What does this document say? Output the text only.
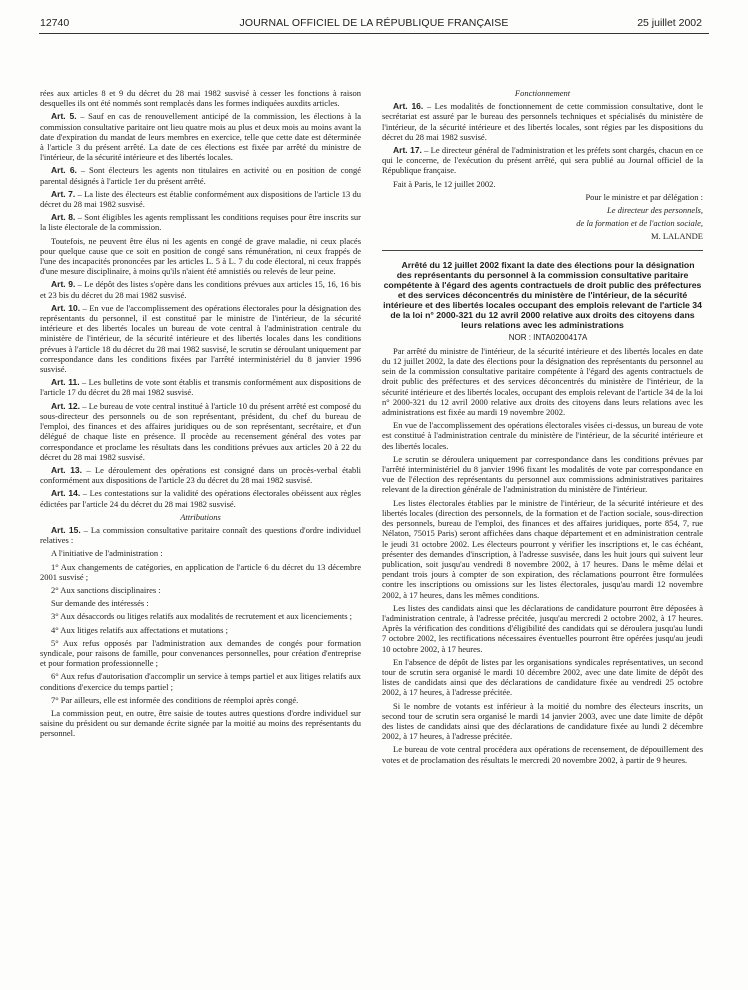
12740	JOURNAL OFFICIEL DE LA RÉPUBLIQUE FRANÇAISE	25 juillet 2002

rées aux articles 8 et 9 du décret du 28 mai 1982 susvisé à cesser les fonctions à raison desquelles ils ont été nommés sont remplacés dans les formes indiquées auxdits articles.

Art. 5. – Sauf en cas de renouvellement anticipé de la commission, les élections à la commission consultative paritaire ont lieu quatre mois au plus et deux mois au moins avant la date d'expiration du mandat de leurs membres en exercice, telle que cette date est déterminée à l'article 3 du présent arrêté. La date de ces élections est fixée par arrêté du ministre de l'intérieur, de la sécurité intérieure et des libertés locales.

Art. 6. – Sont électeurs les agents non titulaires en activité ou en position de congé parental désignés à l'article 1er du présent arrêté.

Art. 7. – La liste des électeurs est établie conformément aux dispositions de l'article 13 du décret du 28 mai 1982 susvisé.

Art. 8. – Sont éligibles les agents remplissant les conditions requises pour être inscrits sur la liste électorale de la commission.

Toutefois, ne peuvent être élus ni les agents en congé de grave maladie, ni ceux placés pour quelque cause que ce soit en position de congé sans rémunération, ni ceux frappés de l'une des incapacités prononcées par les articles L. 5 à L. 7 du code électoral, ni ceux frappés d'une mesure disciplinaire, à moins qu'ils n'aient été amnistiés ou relevés de leur peine.

Art. 9. – Le dépôt des listes s'opère dans les conditions prévues aux articles 15, 16, 16 bis et 23 bis du décret du 28 mai 1982 susvisé.

Art. 10. – En vue de l'accomplissement des opérations électorales pour la désignation des représentants du personnel, il est constitué par le ministre de l'intérieur, de la sécurité intérieure et des libertés locales un bureau de vote central à l'administration centrale du ministère de l'intérieur, de la sécurité intérieure et des libertés locales dans les conditions prévues à l'article 18 du décret du 28 mai 1982 susvisé, le scrutin se déroulant uniquement par correspondance dans les conditions fixées par l'arrêté interministériel du 8 janvier 1996 susvisé.

Art. 11. – Les bulletins de vote sont établis et transmis conformément aux dispositions de l'article 17 du décret du 28 mai 1982 susvisé.

Art. 12. – Le bureau de vote central institué à l'article 10 du présent arrêté est composé du sous-directeur des personnels ou de son représentant, président, du chef du bureau de l'emploi, des finances et des affaires juridiques ou de son représentant, secrétaire, et d'un délégué de chaque liste en présence. Il procède au recensement général des votes par correspondance et proclame les résultats dans les conditions prévues aux articles 20 à 22 du décret du 28 mai 1982 susvisé.

Art. 13. – Le déroulement des opérations est consigné dans un procès-verbal établi conformément aux dispositions de l'article 23 du décret du 28 mai 1982 susvisé.

Art. 14. – Les contestations sur la validité des opérations électorales obéissent aux règles édictées par l'article 24 du décret du 28 mai 1982 susvisé.

Attributions

Art. 15. – La commission consultative paritaire connaît des questions d'ordre individuel relatives :

A l'initiative de l'administration :

1° Aux changements de catégories, en application de l'article 6 du décret du 13 décembre 2001 susvisé ;

2° Aux sanctions disciplinaires :

Sur demande des intéressés :

3° Aux désaccords ou litiges relatifs aux modalités de recrutement et aux licenciements ;

4° Aux litiges relatifs aux affectations et mutations ;

5° Aux refus opposés par l'administration aux demandes de congés pour formation syndicale, pour raisons de famille, pour convenances personnelles, pour création d'entreprise et pour formation professionnelle ;

6° Aux refus d'autorisation d'accomplir un service à temps partiel et aux litiges relatifs aux conditions d'exercice du temps partiel ;

7° Par ailleurs, elle est informée des conditions de réemploi après congé.

La commission peut, en outre, être saisie de toutes autres questions d'ordre individuel sur saisine du président ou sur demande écrite signée par la moitié au moins des représentants du personnel.

Fonctionnement

Art. 16. – Les modalités de fonctionnement de cette commission consultative, dont le secrétariat est assuré par le bureau des personnels techniques et spécialisés du ministère de l'intérieur, de la sécurité intérieure et des libertés locales, sont régies par les dispositions du décret du 28 mai 1982 susvisé.

Art. 17. – Le directeur général de l'administration et les préfets sont chargés, chacun en ce qui le concerne, de l'exécution du présent arrêté, qui sera publié au Journal officiel de la République française.

Fait à Paris, le 12 juillet 2002.

Pour le ministre et par délégation :

Le directeur des personnels,

de la formation et de l'action sociale,

M. LALANDE

Arrêté du 12 juillet 2002 fixant la date des élections pour la désignation des représentants du personnel à la commission consultative paritaire compétente à l'égard des agents contractuels de droit public des préfectures et des services déconcentrés du ministère de l'intérieur, de la sécurité intérieure et des libertés locales occupant des emplois relevant de l'article 34 de la loi n° 2000-321 du 12 avril 2000 relative aux droits des citoyens dans leurs relations avec les administrations

NOR : INTA0200417A

Par arrêté du ministre de l'intérieur, de la sécurité intérieure et des libertés locales en date du 12 juillet 2002, la date des élections pour la désignation des représentants du personnel au sein de la commission consultative paritaire compétente à l'égard des agents contractuels de droit public des préfectures et des services déconcentrés du ministère de l'intérieur, de la sécurité intérieure et des libertés locales, occupant des emplois relevant de l'article 34 de la loi n° 2000-321 du 12 avril 2000 relative aux droits des citoyens dans leurs relations avec les administrations est fixée au mardi 19 novembre 2002.

En vue de l'accomplissement des opérations électorales visées ci-dessus, un bureau de vote est constitué à l'administration centrale du ministère de l'intérieur, de la sécurité intérieure et des libertés locales.

Le scrutin se déroulera uniquement par correspondance dans les conditions prévues par l'arrêté interministériel du 8 janvier 1996 fixant les modalités de vote par correspondance en vue de l'élection des représentants du personnel aux commissions administratives paritaires relevant de la direction générale de l'administration du ministère de l'intérieur.

Les listes électorales établies par le ministre de l'intérieur, de la sécurité intérieure et des libertés locales (direction des personnels, de la formation et de l'action sociale, sous-direction des personnels, bureau de l'emploi, des finances et des affaires juridiques, porte 854, 7, rue Nélaton, 75015 Paris) seront affichées dans chaque département et en administration centrale le jeudi 31 octobre 2002. Les électeurs pourront y vérifier les inscriptions et, le cas échéant, présenter des demandes d'inscription, à l'adresse susvisée, dans les huit jours qui suivent leur publication, soit jusqu'au vendredi 8 novembre 2002, à 17 heures. Dans le même délai et pendant trois jours à compter de son expiration, des réclamations pourront être formulées contre les inscriptions ou omissions sur les listes électorales, jusqu'au mardi 12 novembre 2002, à 17 heures, dans les mêmes conditions.

Les listes des candidats ainsi que les déclarations de candidature pourront être déposées à l'administration centrale, à l'adresse précitée, jusqu'au mercredi 2 octobre 2002, à 17 heures. Après la vérification des conditions d'éligibilité des candidats qui se déroulera jusqu'au lundi 7 octobre 2002, les rectifications nécessaires éventuelles pourront être opérées jusqu'au jeudi 10 octobre 2002, à 17 heures.

En l'absence de dépôt de listes par les organisations syndicales représentatives, un second tour de scrutin sera organisé le mardi 10 décembre 2002, avec une date limite de dépôt des listes de candidats ainsi que des déclarations de candidature fixée au vendredi 25 octobre 2002, à 17 heures, à l'adresse précitée.

Si le nombre de votants est inférieur à la moitié du nombre des électeurs inscrits, un second tour de scrutin sera organisé le mardi 14 janvier 2003, avec une date limite de dépôt des listes de candidats ainsi que des déclarations de candidature fixée au lundi 2 décembre 2002, à 17 heures, à l'adresse précitée.

Le bureau de vote central procédera aux opérations de recensement, de dépouillement des votes et de proclamation des résultats le mercredi 20 novembre 2002, à partir de 9 heures.
